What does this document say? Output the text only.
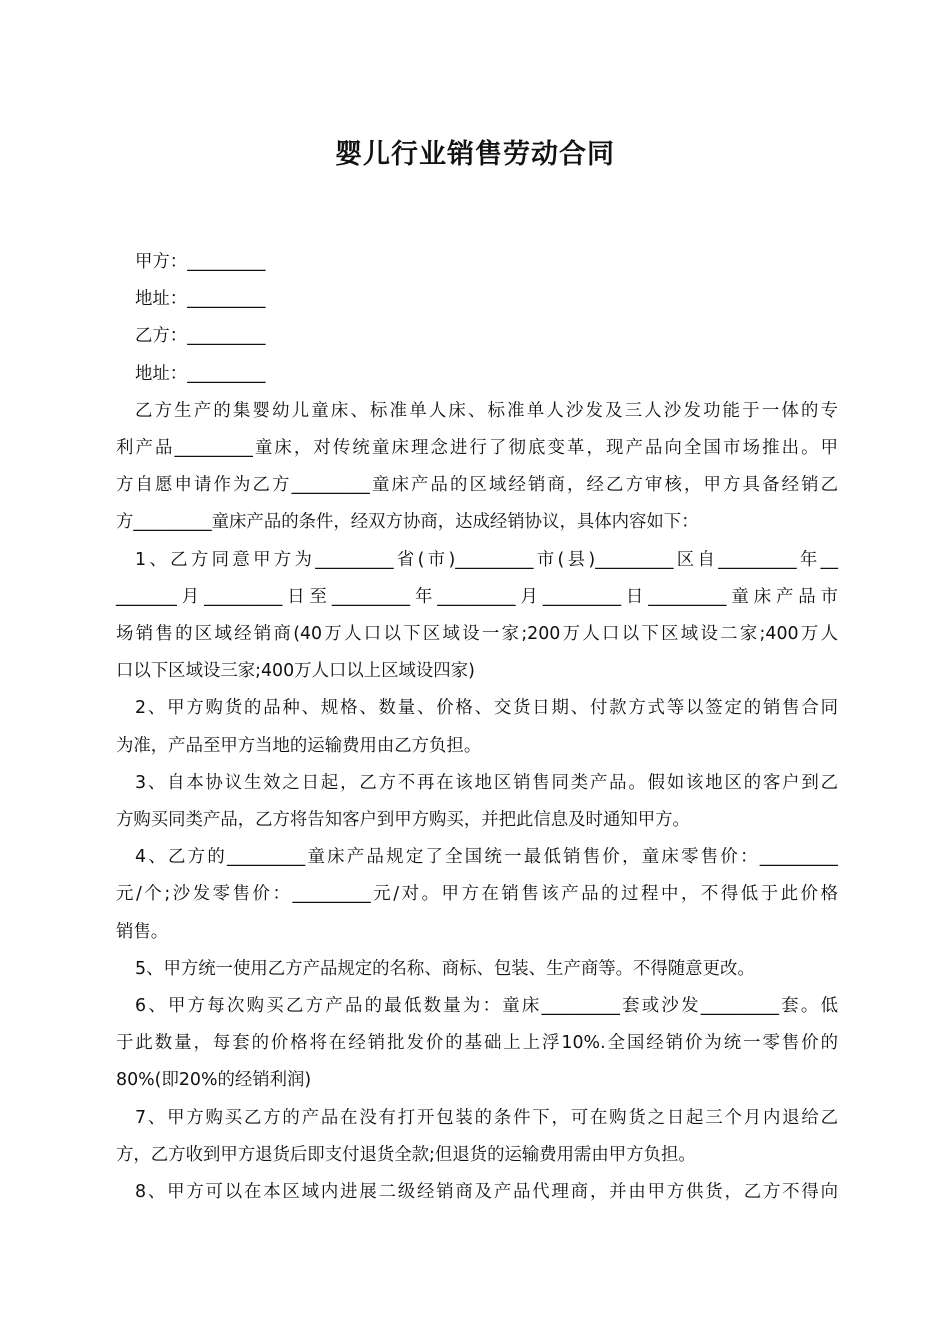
婴儿行业销售劳动合同
甲方：_________
地址：_________
乙方：_________
地址：_________
乙方生产的集婴幼儿童床、标准单人床、标准单人沙发及三人沙发功能于一体的专
利产品_________童床，对传统童床理念进行了彻底变革，现产品向全国市场推出。甲
方自愿申请作为乙方_________童床产品的区域经销商，经乙方审核，甲方具备经销乙
方_________童床产品的条件，经双方协商，达成经销协议，具体内容如下：
1、乙方同意甲方为_________省(市)_________市(县)_________区自_________年__
_______月_________日至_________年_________月_________日_________童床产品市
场销售的区域经销商(40万人口以下区域设一家;200万人口以下区域设二家;400万人
口以下区域设三家;400万人口以上区域设四家)
2、甲方购货的品种、规格、数量、价格、交货日期、付款方式等以签定的销售合同
为准，产品至甲方当地的运输费用由乙方负担。
3、自本协议生效之日起，乙方不再在该地区销售同类产品。假如该地区的客户到乙
方购买同类产品，乙方将告知客户到甲方购买，并把此信息及时通知甲方。
4、乙方的_________童床产品规定了全国统一最低销售价，童床零售价：_________
元/个;沙发零售价：_________元/对。甲方在销售该产品的过程中，不得低于此价格
销售。
5、甲方统一使用乙方产品规定的名称、商标、包装、生产商等。不得随意更改。
6、甲方每次购买乙方产品的最低数量为：童床_________套或沙发_________套。低
于此数量，每套的价格将在经销批发价的基础上上浮10%.全国经销价为统一零售价的
80%(即20%的经销利润)
7、甲方购买乙方的产品在没有打开包装的条件下，可在购货之日起三个月内退给乙
方，乙方收到甲方退货后即支付退货全款;但退货的运输费用需由甲方负担。
8、甲方可以在本区域内进展二级经销商及产品代理商，并由甲方供货，乙方不得向
